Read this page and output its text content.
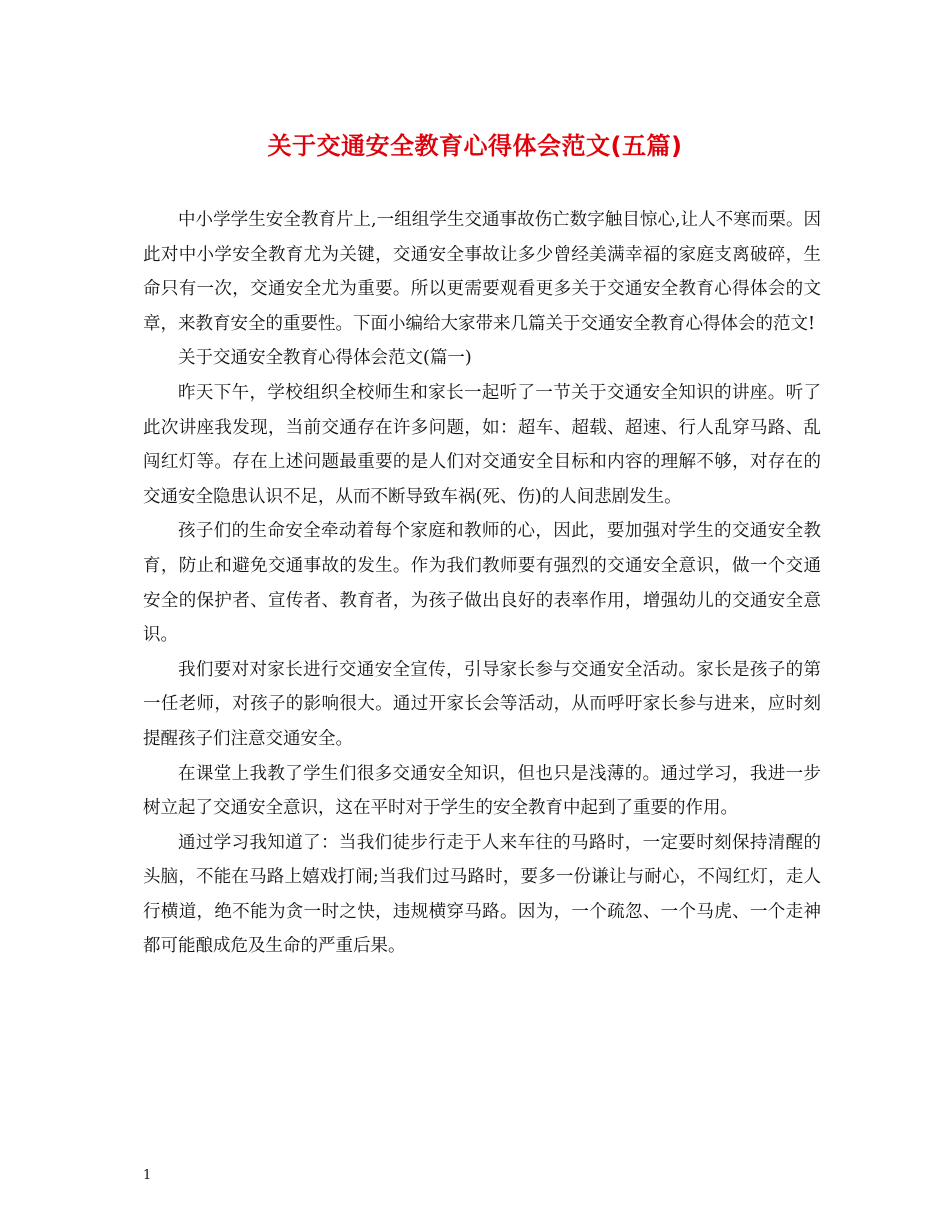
关于交通安全教育心得体会范文(五篇)

中小学学生安全教育片上,一组组学生交通事故伤亡数字触目惊心,让人不寒而栗。因此对中小学安全教育尤为关键，交通安全事故让多少曾经美满幸福的家庭支离破碎，生命只有一次，交通安全尤为重要。所以更需要观看更多关于交通安全教育心得体会的文章，来教育安全的重要性。下面小编给大家带来几篇关于交通安全教育心得体会的范文!

关于交通安全教育心得体会范文(篇一)

昨天下午，学校组织全校师生和家长一起听了一节关于交通安全知识的讲座。听了此次讲座我发现，当前交通存在许多问题，如：超车、超载、超速、行人乱穿马路、乱闯红灯等。存在上述问题最重要的是人们对交通安全目标和内容的理解不够，对存在的交通安全隐患认识不足，从而不断导致车祸(死、伤)的人间悲剧发生。

孩子们的生命安全牵动着每个家庭和教师的心，因此，要加强对学生的交通安全教育，防止和避免交通事故的发生。作为我们教师要有强烈的交通安全意识，做一个交通安全的保护者、宣传者、教育者，为孩子做出良好的表率作用，增强幼儿的交通安全意识。

我们要对对家长进行交通安全宣传，引导家长参与交通安全活动。家长是孩子的第一任老师，对孩子的影响很大。通过开家长会等活动，从而呼吁家长参与进来，应时刻提醒孩子们注意交通安全。

在课堂上我教了学生们很多交通安全知识，但也只是浅薄的。通过学习，我进一步树立起了交通安全意识，这在平时对于学生的安全教育中起到了重要的作用。

通过学习我知道了：当我们徒步行走于人来车往的马路时，一定要时刻保持清醒的头脑，不能在马路上嬉戏打闹;当我们过马路时，要多一份谦让与耐心，不闯红灯，走人行横道，绝不能为贪一时之快，违规横穿马路。因为，一个疏忽、一个马虎、一个走神都可能酿成危及生命的严重后果。

1
